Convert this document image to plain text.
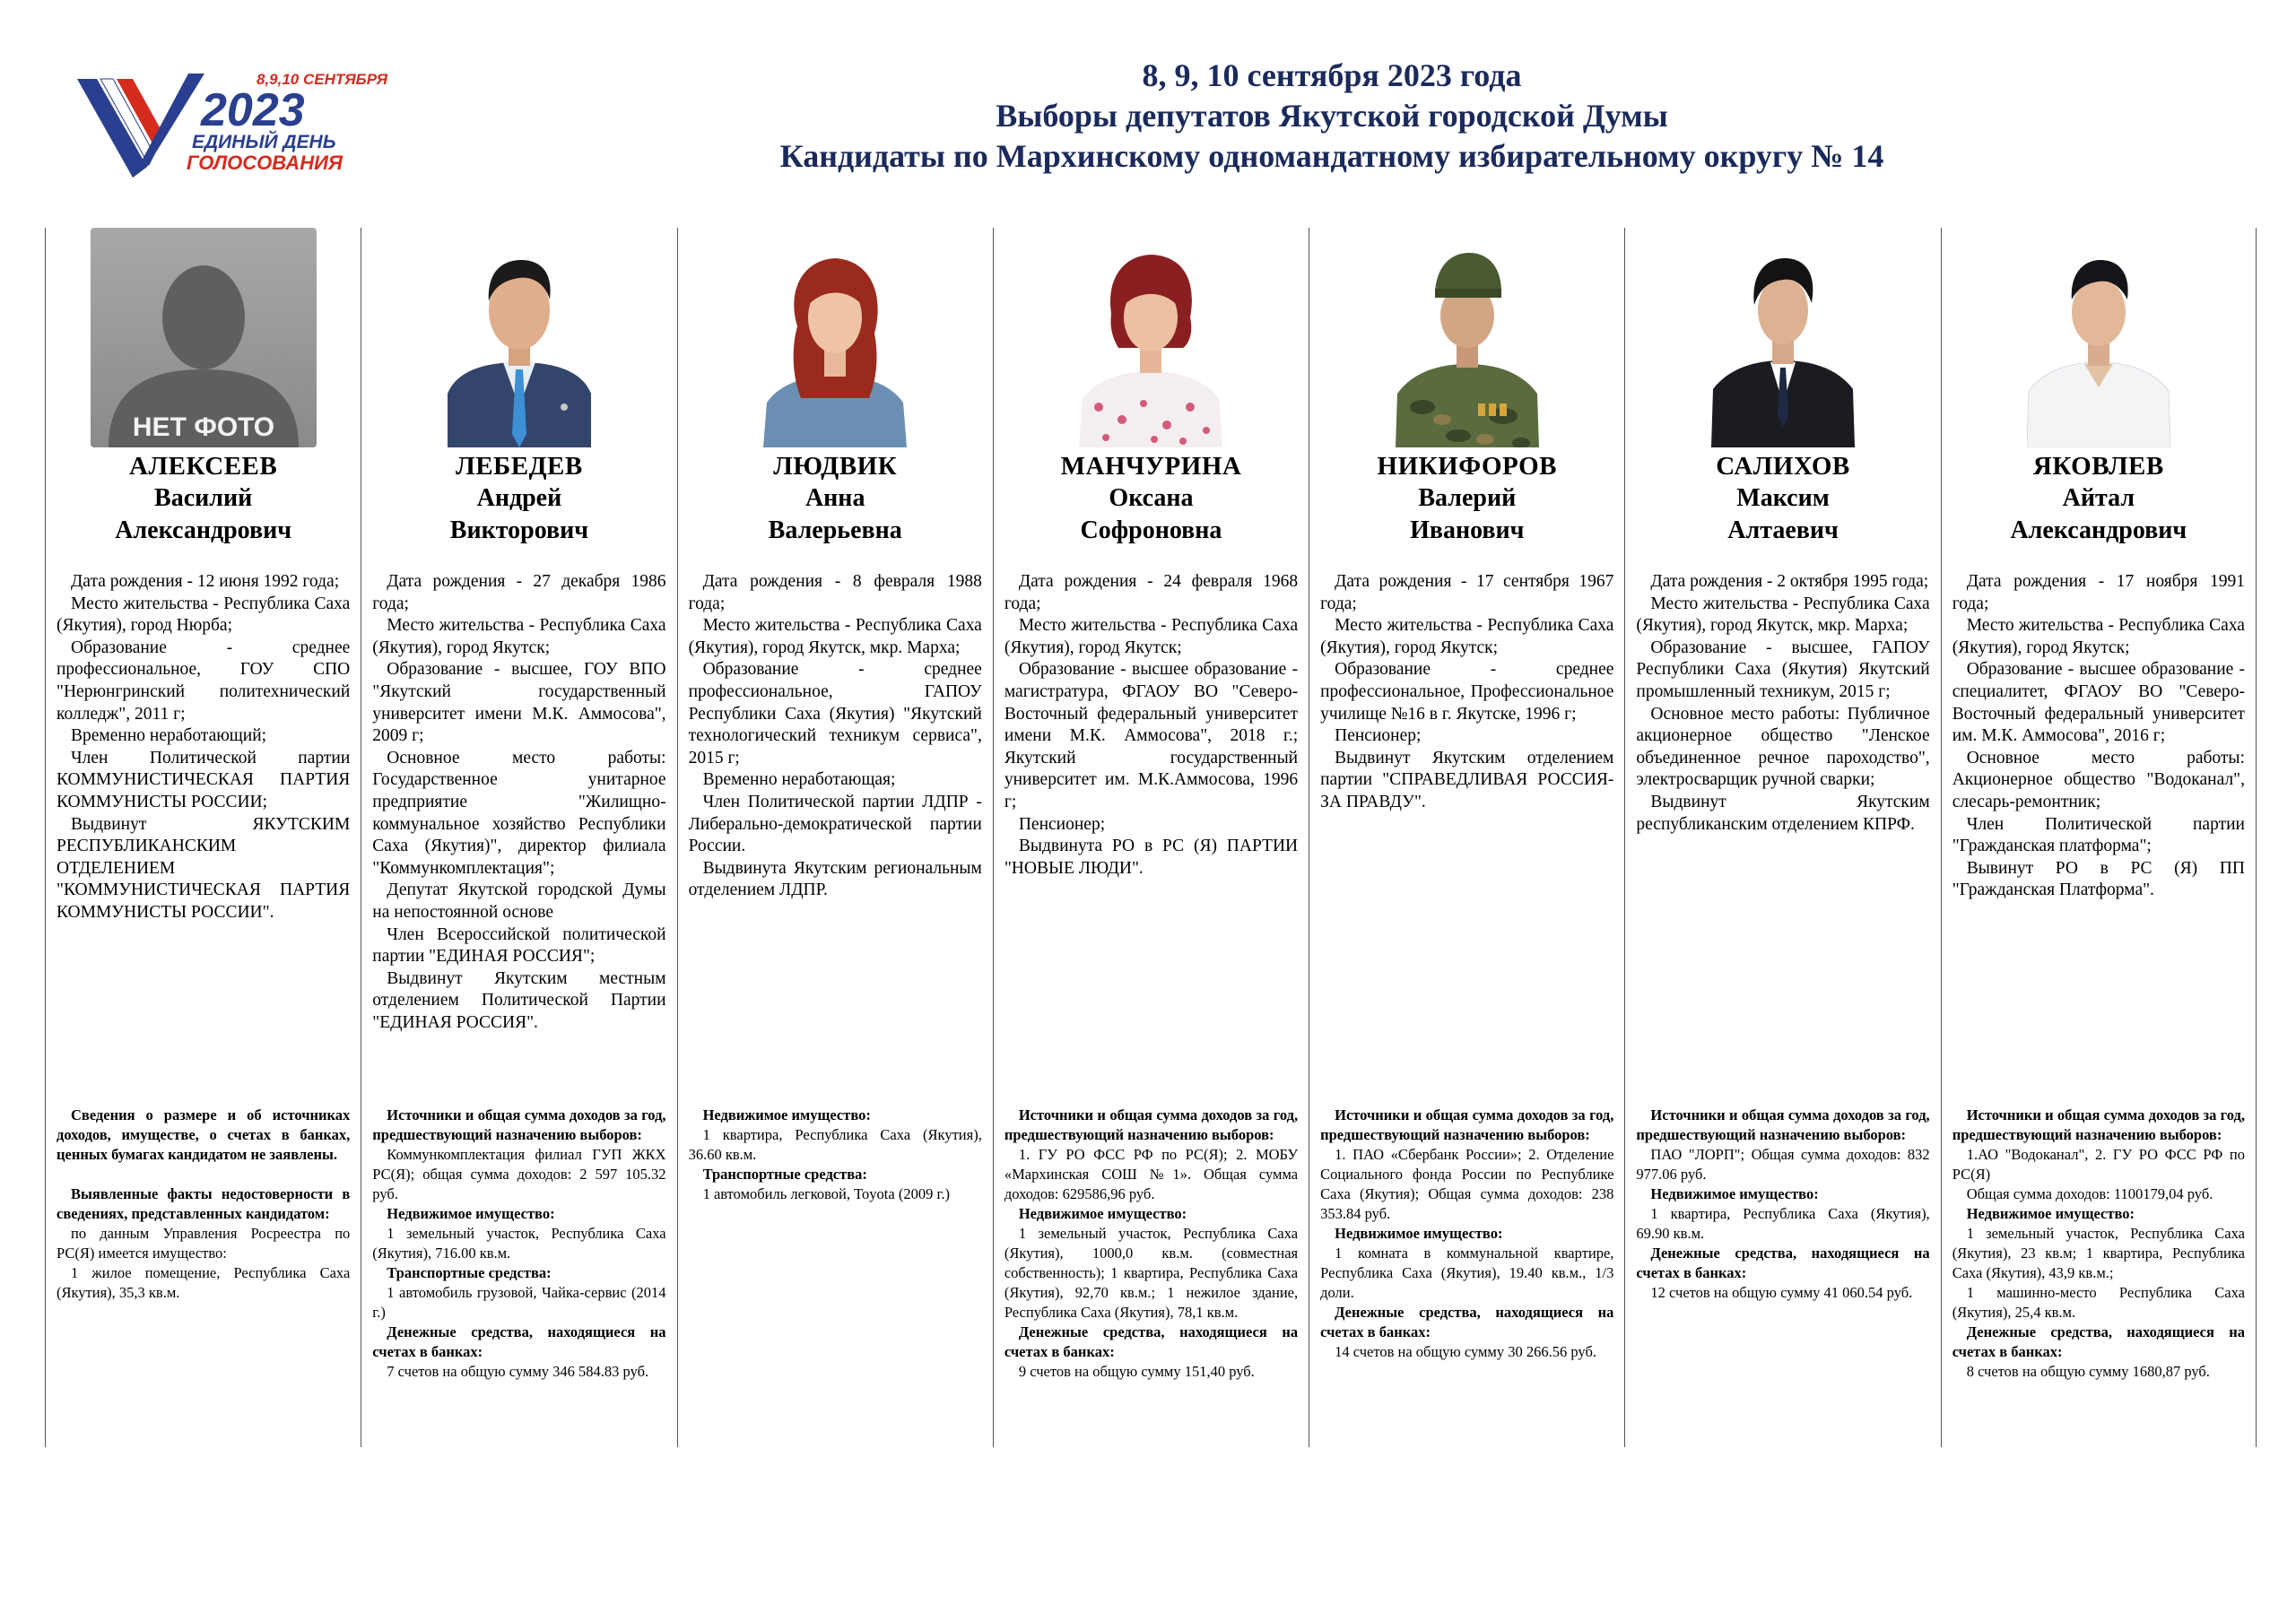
8,9,10 СЕНТЯБРЯ
2023
ЕДИНЫЙ ДЕНЬ
ГОЛОСОВАНИЯ
8, 9, 10 сентября 2023 года
Выборы депутатов Якутской городской Думы
Кандидаты по Мархинскому одномандатному избирательному округу № 14
НЕТ ФОТО
АЛЕКСЕЕВ
Василий
Александрович

Дата рождения - 12 июня 1992 года;

Место жительства - Республика Саха (Якутия), город Нюрба;

Образование - среднее профессиональное, ГОУ СПО "Нерюнгринский политехнический колледж", 2011 г;

Временно неработающий;

Член Политической партии КОММУНИСТИЧЕСКАЯ ПАРТИЯ КОММУНИСТЫ РОССИИ;

Выдвинут ЯКУТСКИМ РЕСПУБЛИКАНСКИМ ОТДЕЛЕНИЕМ "КОММУНИСТИЧЕСКАЯ ПАРТИЯ КОММУНИСТЫ РОССИИ".

Сведения о размере и об источниках доходов, имуществе, о счетах в банках, ценных бумагах кандидатом не заявлены.

Выявленные факты недостоверности в сведениях, представленных кандидатом:

по данным Управления Росреестра по РС(Я) имеется имущество:

1 жилое помещение, Республика Саха (Якутия), 35,3 кв.м.

ЛЕБЕДЕВ
Андрей
Викторович

Дата рождения - 27 декабря 1986 года;

Место жительства - Республика Саха (Якутия), город Якутск;

Образование - высшее, ГОУ ВПО "Якутский государственный университет имени М.К. Аммосова", 2009 г;

Основное место работы: Государственное унитарное предприятие "Жилищно-коммунальное хозяйство Республики Саха (Якутия)", директор филиала "Коммункомплектация";

Депутат Якутской городской Думы на непостоянной основе

Член Всероссийской политической партии "ЕДИНАЯ РОССИЯ";

Выдвинут Якутским местным отделением Политической Партии "ЕДИНАЯ РОССИЯ".

Источники и общая сумма доходов за год, предшествующий назначению выборов:

Коммункомплектация филиал ГУП ЖКХ РС(Я); общая сумма доходов: 2 597 105.32 руб.

Недвижимое имущество:

1 земельный участок, Республика Саха (Якутия), 716.00 кв.м.

Транспортные средства:

1 автомобиль грузовой, Чайка-сервис (2014 г.)

Денежные средства, находящиеся на счетах в банках:

7 счетов на общую сумму 346 584.83 руб.

ЛЮДВИК
Анна
Валерьевна

Дата рождения - 8 февраля 1988 года;

Место жительства - Республика Саха (Якутия), город Якутск, мкр. Марха;

Образование - среднее профессиональное, ГАПОУ Республики Саха (Якутия) "Якутский технологический техникум сервиса", 2015 г;

Временно неработающая;

Член Политической партии ЛДПР - Либерально-демократической партии России.

Выдвинута Якутским региональным отделением ЛДПР.

Недвижимое имущество:

1 квартира, Республика Саха (Якутия), 36.60 кв.м.

Транспортные средства:

1 автомобиль легковой, Toyota (2009 г.)

МАНЧУРИНА
Оксана
Софроновна

Дата рождения - 24 февраля 1968 года;

Место жительства - Республика Саха (Якутия), город Якутск;

Образование - высшее образование - магистратура, ФГАОУ ВО "Северо-Восточный федеральный университет имени М.К. Аммосова", 2018 г.; Якутский государственный университет им. М.К.Аммосова, 1996 г;

Пенсионер;

Выдвинута РО в РС (Я) ПАРТИИ "НОВЫЕ ЛЮДИ".

Источники и общая сумма доходов за год, предшествующий назначению выборов:

1. ГУ РО ФСС РФ по РС(Я); 2. МОБУ «Мархинская СОШ №1». Общая сумма доходов: 629586,96 руб.

Недвижимое имущество:

1 земельный участок, Республика Саха (Якутия), 1000,0 кв.м. (совместная собственность); 1 квартира, Республика Саха (Якутия), 92,70 кв.м.; 1 нежилое здание, Республика Саха (Якутия), 78,1 кв.м.

Денежные средства, находящиеся на счетах в банках:

9 счетов на общую сумму 151,40 руб.

НИКИФОРОВ
Валерий
Иванович

Дата рождения - 17 сентября 1967 года;

Место жительства - Республика Саха (Якутия), город Якутск;

Образование - среднее профессиональное, Профессиональное училище №16 в г. Якутске, 1996 г;

Пенсионер;

Выдвинут Якутским отделением партии "СПРАВЕДЛИВАЯ РОССИЯ-ЗА ПРАВДУ".

Источники и общая сумма доходов за год, предшествующий назначению выборов:

1. ПАО «Сбербанк России»; 2. Отделение Социального фонда России по Республике Саха (Якутия); Общая сумма доходов: 238 353.84 руб.

Недвижимое имущество:

1 комната в коммунальной квартире, Республика Саха (Якутия), 19.40 кв.м., 1/3 доли.

Денежные средства, находящиеся на счетах в банках:

14 счетов на общую сумму 30 266.56 руб.

САЛИХОВ
Максим
Алтаевич

Дата рождения - 2 октября 1995 года;

Место жительства - Республика Саха (Якутия), город Якутск, мкр. Марха;

Образование - высшее, ГАПОУ Республики Саха (Якутия) Якутский промышленный техникум, 2015 г;

Основное место работы: Публичное акционерное общество "Ленское объединенное речное пароходство", электросварщик ручной сварки;

Выдвинут Якутским республиканским отделением КПРФ.

Источники и общая сумма доходов за год, предшествующий назначению выборов:

ПАО "ЛОРП"; Общая сумма доходов: 832 977.06 руб.

Недвижимое имущество:

1 квартира, Республика Саха (Якутия), 69.90 кв.м.

Денежные средства, находящиеся на счетах в банках:

12 счетов на общую сумму 41 060.54 руб.

ЯКОВЛЕВ
Айтал
Александрович

Дата рождения - 17 ноября 1991 года;

Место жительства - Республика Саха (Якутия), город Якутск;

Образование - высшее образование - специалитет, ФГАОУ ВО "Северо-Восточный федеральный университет им. М.К. Аммосова", 2016 г;

Основное место работы: Акционерное общество "Водоканал", слесарь-ремонтник;

Член Политической партии "Гражданская платформа";

Вывинут РО в РС (Я) ПП "Гражданская Платформа".

Источники и общая сумма доходов за год, предшествующий назначению выборов:

1.АО "Водоканал", 2. ГУ РО ФСС РФ по РС(Я)

Общая сумма доходов: 1100179,04 руб.

Недвижимое имущество:

1 земельный участок, Республика Саха (Якутия), 23 кв.м; 1 квартира, Республика Саха (Якутия), 43,9 кв.м.;

1 машинно-место Республика Саха (Якутия), 25,4 кв.м.

Денежные средства, находящиеся на счетах в банках:

8 счетов на общую сумму 1680,87 руб.
